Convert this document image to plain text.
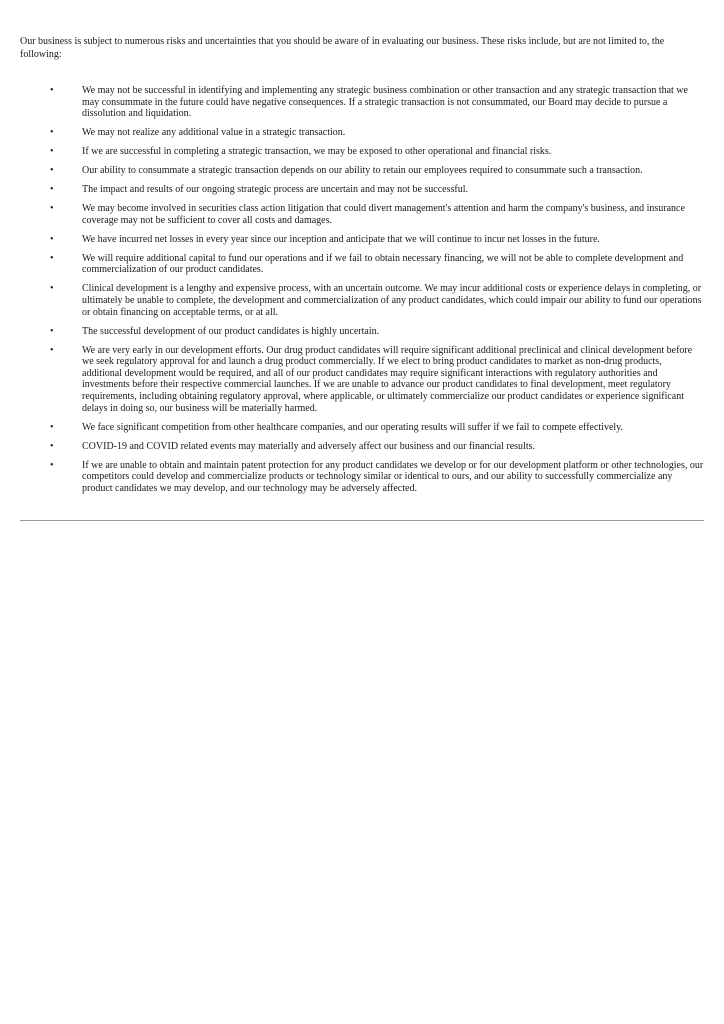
Our business is subject to numerous risks and uncertainties that you should be aware of in evaluating our business. These risks include, but are not limited to, the following:

•	We may not be successful in identifying and implementing any strategic business combination or other transaction and any strategic transaction that we may consummate in the future could have negative consequences. If a strategic transaction is not consummated, our Board may decide to pursue a dissolution and liquidation.
•	We may not realize any additional value in a strategic transaction.
•	If we are successful in completing a strategic transaction, we may be exposed to other operational and financial risks.
•	Our ability to consummate a strategic transaction depends on our ability to retain our employees required to consummate such a transaction.
•	The impact and results of our ongoing strategic process are uncertain and may not be successful.
•	We may become involved in securities class action litigation that could divert management's attention and harm the company's business, and insurance coverage may not be sufficient to cover all costs and damages.
•	We have incurred net losses in every year since our inception and anticipate that we will continue to incur net losses in the future.
•	We will require additional capital to fund our operations and if we fail to obtain necessary financing, we will not be able to complete development and commercialization of our product candidates.
•	Clinical development is a lengthy and expensive process, with an uncertain outcome. We may incur additional costs or experience delays in completing, or ultimately be unable to complete, the development and commercialization of any product candidates, which could impair our ability to fund our operations or obtain financing on acceptable terms, or at all.
•	The successful development of our product candidates is highly uncertain.
•	We are very early in our development efforts. Our drug product candidates will require significant additional preclinical and clinical development before we seek regulatory approval for and launch a drug product commercially. If we elect to bring product candidates to market as non-drug products, additional development would be required, and all of our product candidates may require significant interactions with regulatory authorities and investments before their respective commercial launches. If we are unable to advance our product candidates to final development, meet regulatory requirements, including obtaining regulatory approval, where applicable, or ultimately commercialize our product candidates or experience significant delays in doing so, our business will be materially harmed.
•	We face significant competition from other healthcare companies, and our operating results will suffer if we fail to compete effectively.
•	COVID-19 and COVID related events may materially and adversely affect our business and our financial results.
•	If we are unable to obtain and maintain patent protection for any product candidates we develop or for our development platform or other technologies, our competitors could develop and commercialize products or technology similar or identical to ours, and our ability to successfully commercialize any product candidates we may develop, and our technology may be adversely affected.
